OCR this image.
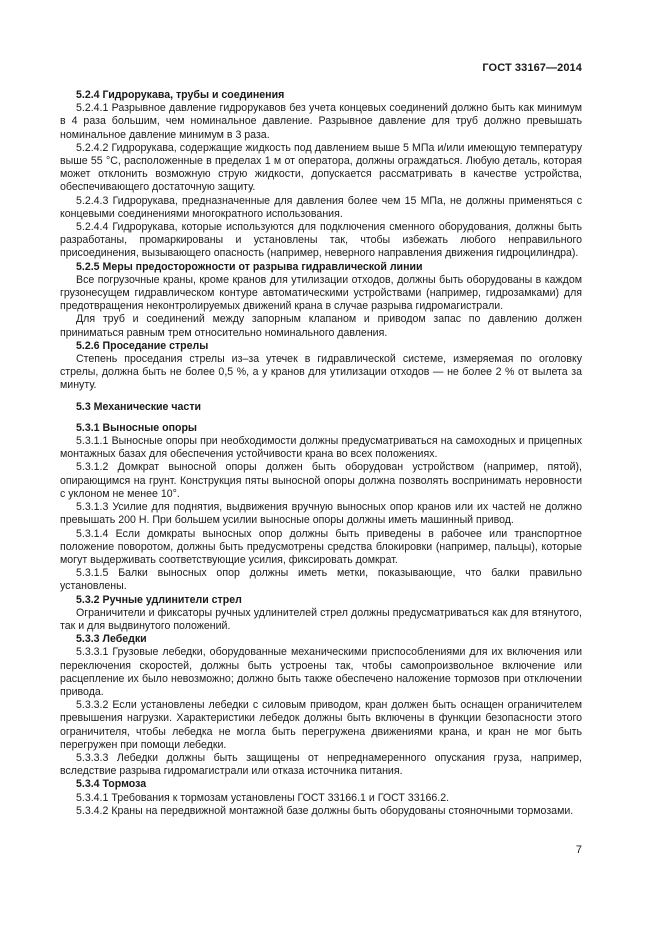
ГОСТ 33167—2014
5.2.4 Гидрорукава, трубы и соединения

5.2.4.1 Разрывное давление гидрорукавов без учета концевых соединений должно быть как минимум в 4 раза большим, чем номинальное давление. Разрывное давление для труб должно превышать номинальное давление минимум в 3 раза.

5.2.4.2 Гидрорукава, содержащие жидкость под давлением выше 5 МПа и/или имеющую температуру выше 55 °С, расположенные в пределах 1 м от оператора, должны ограждаться. Любую деталь, которая может отклонить возможную струю жидкости, допускается рассматривать в качестве устройства, обеспечивающего достаточную защиту.

5.2.4.3 Гидрорукава, предназначенные для давления более чем 15 МПа, не должны применяться с концевыми соединениями многократного использования.

5.2.4.4 Гидрорукава, которые используются для подключения сменного оборудования, должны быть разработаны, промаркированы и установлены так, чтобы избежать любого неправильного присоединения, вызывающего опасность (например, неверного направления движения гидроцилиндра).

5.2.5 Меры предосторожности от разрыва гидравлической линии

Все погрузочные краны, кроме кранов для утилизации отходов, должны быть оборудованы в каждом грузонесущем гидравлическом контуре автоматическими устройствами (например, гидрозамками) для предотвращения неконтролируемых движений крана в случае разрыва гидромагистрали.

Для труб и соединений между запорным клапаном и приводом запас по давлению должен приниматься равным трем относительно номинального давления.

5.2.6 Проседание стрелы

Степень проседания стрелы из–за утечек в гидравлической системе, измеряемая по оголовку стрелы, должна быть не более 0,5 %, а у кранов для утилизации отходов — не более 2 % от вылета за минуту.

5.3 Механические части
5.3.1 Выносные опоры

5.3.1.1 Выносные опоры при необходимости должны предусматриваться на самоходных и прицепных монтажных базах для обеспечения устойчивости крана во всех положениях.

5.3.1.2 Домкрат выносной опоры должен быть оборудован устройством (например, пятой), опирающимся на грунт. Конструкция пяты выносной опоры должна позволять воспринимать неровности с уклоном не менее 10°.

5.3.1.3 Усилие для поднятия, выдвижения вручную выносных опор кранов или их частей не должно превышать 200 Н. При большем усилии выносные опоры должны иметь машинный привод.

5.3.1.4 Если домкраты выносных опор должны быть приведены в рабочее или транспортное положение поворотом, должны быть предусмотрены средства блокировки (например, пальцы), которые могут выдерживать соответствующие усилия, фиксировать домкрат.

5.3.1.5 Балки выносных опор должны иметь метки, показывающие, что балки правильно установлены.

5.3.2 Ручные удлинители стрел

Ограничители и фиксаторы ручных удлинителей стрел должны предусматриваться как для втянутого, так и для выдвинутого положений.

5.3.3 Лебедки

5.3.3.1 Грузовые лебедки, оборудованные механическими приспособлениями для их включения или переключения скоростей, должны быть устроены так, чтобы самопроизвольное включение или расцепление их было невозможно; должно быть также обеспечено наложение тормозов при отключении привода.

5.3.3.2 Если установлены лебедки с силовым приводом, кран должен быть оснащен ограничителем превышения нагрузки. Характеристики лебедок должны быть включены в функции безопасности этого ограничителя, чтобы лебедка не могла быть перегружена движениями крана, и кран не мог быть перегружен при помощи лебедки.

5.3.3.3 Лебедки должны быть защищены от непреднамеренного опускания груза, например, вследствие разрыва гидромагистрали или отказа источника питания.

5.3.4 Тормоза

5.3.4.1 Требования к тормозам установлены ГОСТ 33166.1 и ГОСТ 33166.2.

5.3.4.2 Краны на передвижной монтажной базе должны быть оборудованы стояночными тормозами.

7
